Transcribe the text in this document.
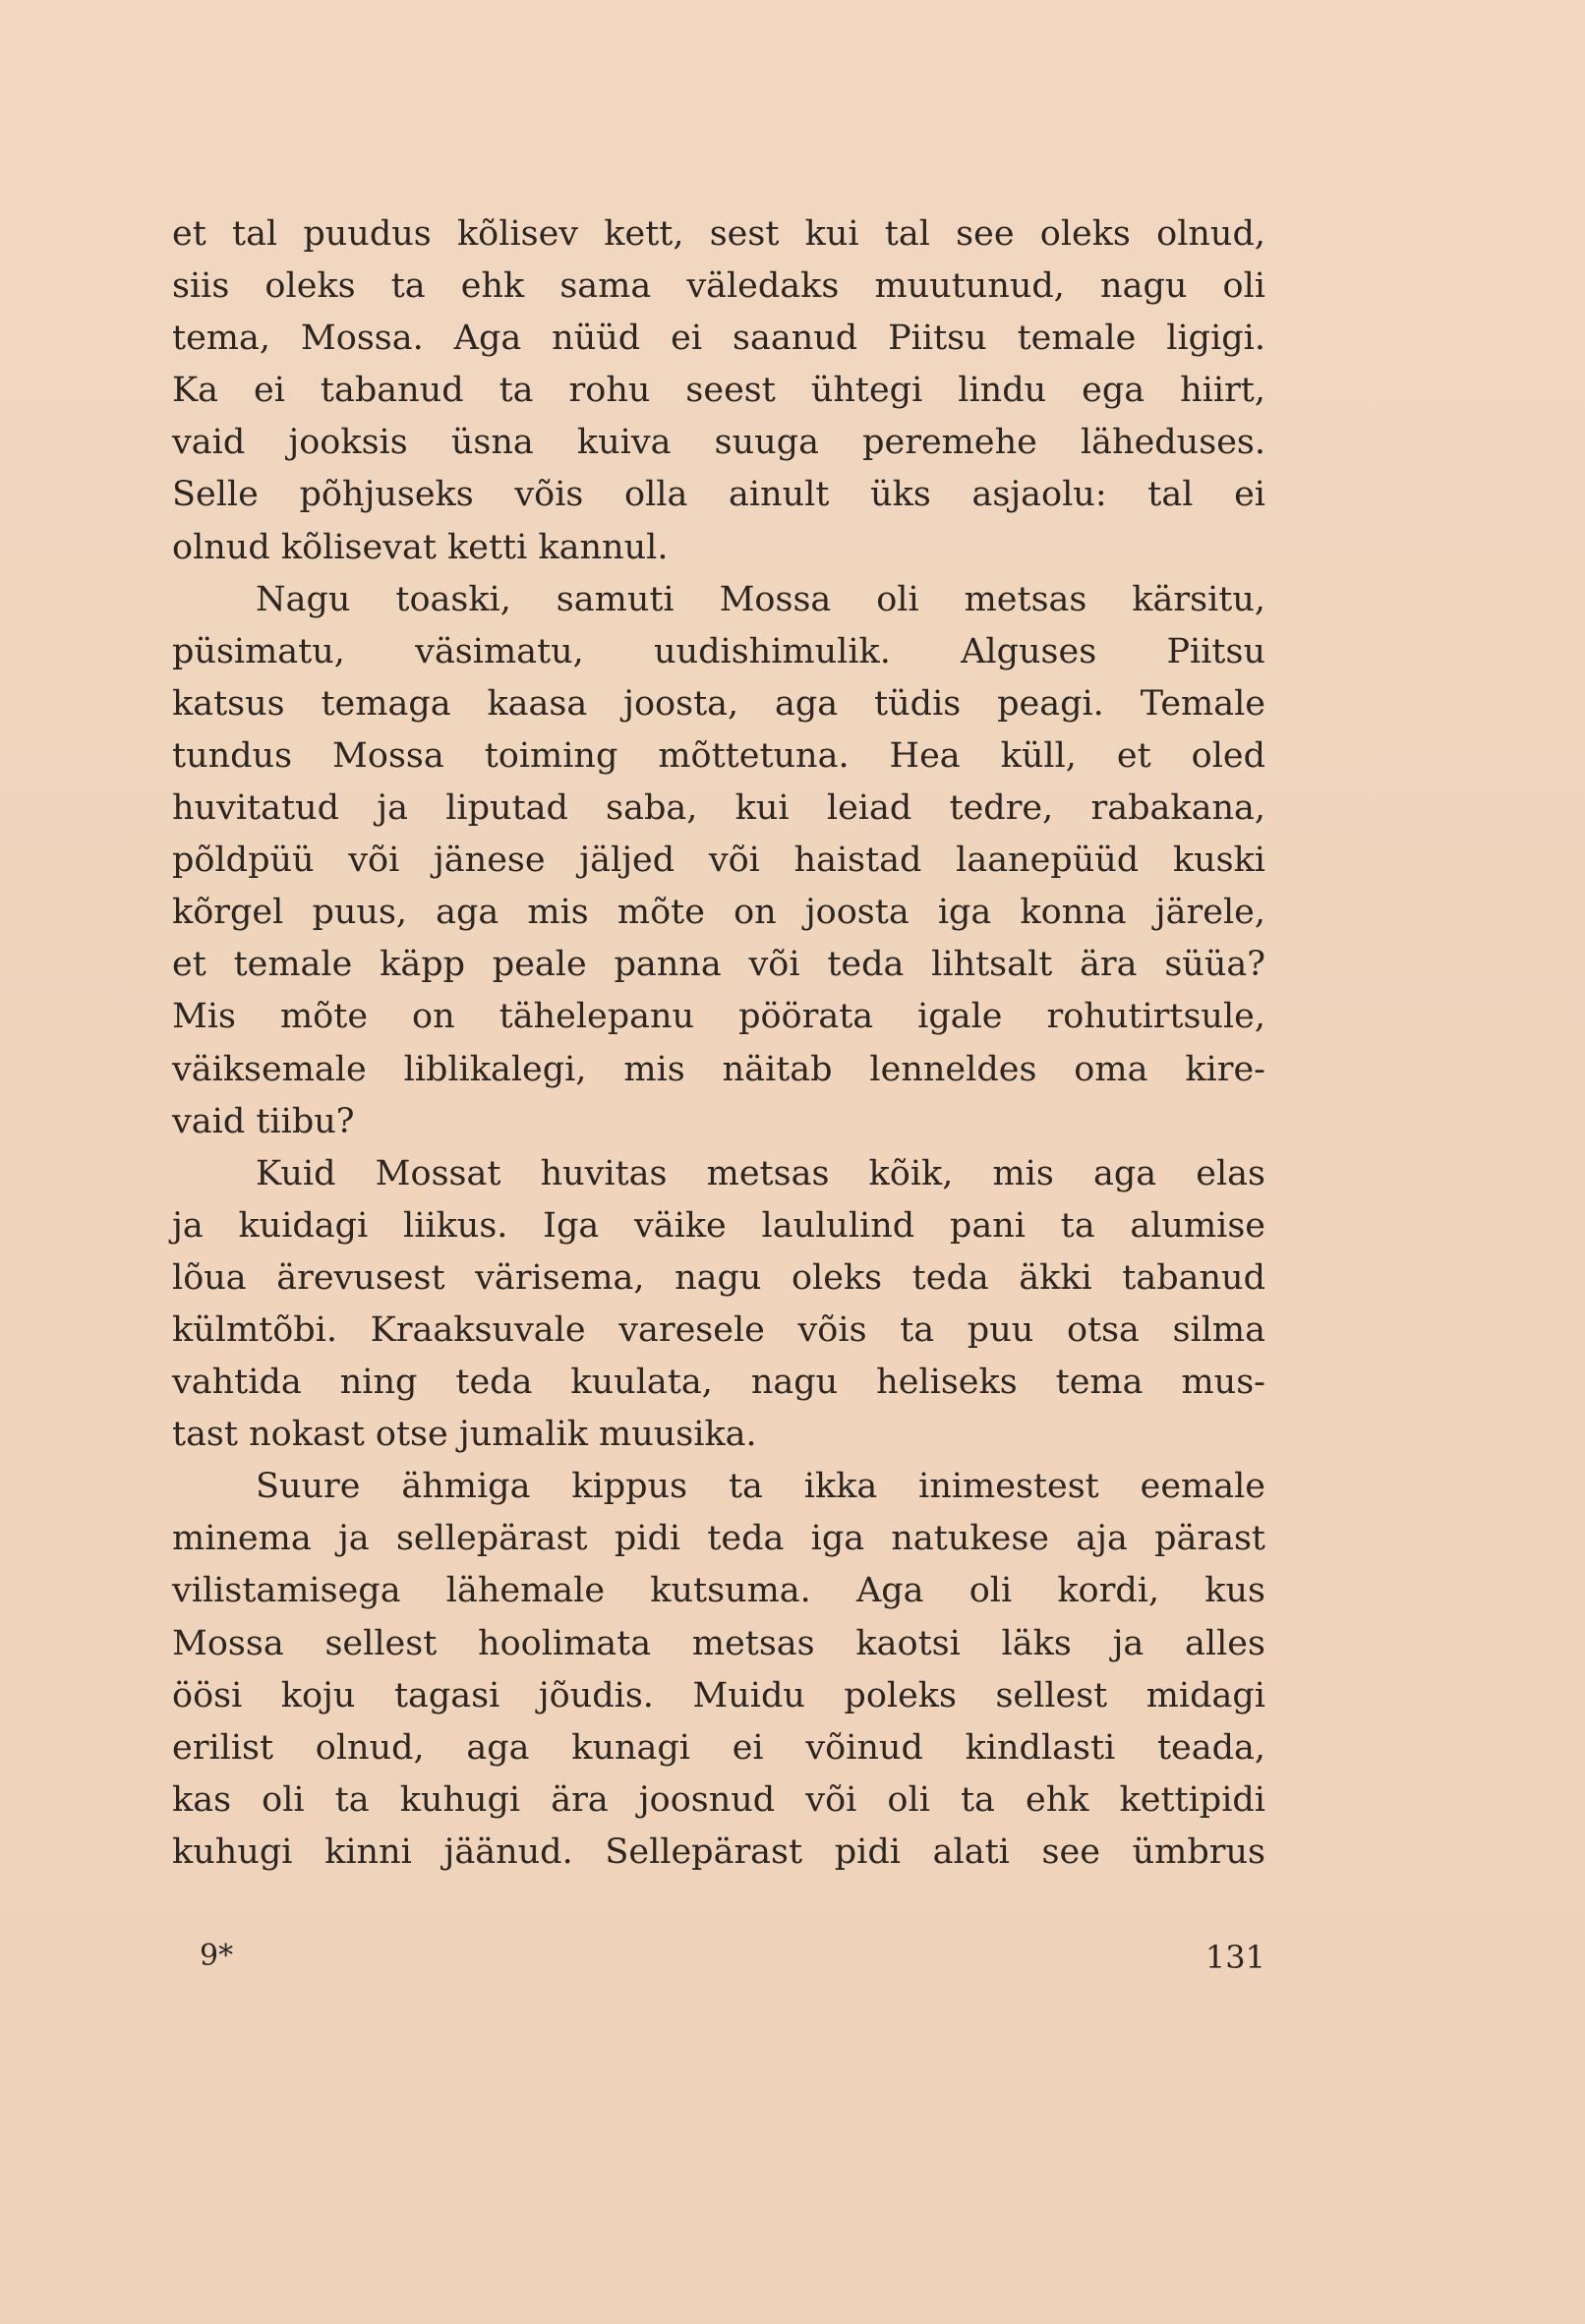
et tal puudus kõlisev kett, sest kui tal see oleks olnud,
siis oleks ta ehk sama väledaks muutunud, nagu oli
tema, Mossa. Aga nüüd ei saanud Piitsu temale ligigi.
Ka ei tabanud ta rohu seest ühtegi lindu ega hiirt,
vaid jooksis üsna kuiva suuga peremehe läheduses.
Selle põhjuseks võis olla ainult üks asjaolu: tal ei
olnud kõlisevat ketti kannul.
Nagu toaski, samuti Mossa oli metsas kärsitu,
püsimatu, väsimatu, uudishimulik. Alguses Piitsu
katsus temaga kaasa joosta, aga tüdis peagi. Temale
tundus Mossa toiming mõttetuna. Hea küll, et oled
huvitatud ja liputad saba, kui leiad tedre, rabakana,
põldpüü või jänese jäljed või haistad laanepüüd kuski
kõrgel puus, aga mis mõte on joosta iga konna järele,
et temale käpp peale panna või teda lihtsalt ära süüa?
Mis mõte on tähelepanu pöörata igale rohutirtsule,
väiksemale liblikalegi, mis näitab lenneldes oma kire-
vaid tiibu?
Kuid Mossat huvitas metsas kõik, mis aga elas
ja kuidagi liikus. Iga väike laululind pani ta alumise
lõua ärevusest värisema, nagu oleks teda äkki tabanud
külmtõbi. Kraaksuvale varesele võis ta puu otsa silma
vahtida ning teda kuulata, nagu heliseks tema mus-
tast nokast otse jumalik muusika.
Suure ähmiga kippus ta ikka inimestest eemale
minema ja sellepärast pidi teda iga natukese aja pärast
vilistamisega lähemale kutsuma. Aga oli kordi, kus
Mossa sellest hoolimata metsas kaotsi läks ja alles
öösi koju tagasi jõudis. Muidu poleks sellest midagi
erilist olnud, aga kunagi ei võinud kindlasti teada,
kas oli ta kuhugi ära joosnud või oli ta ehk kettipidi
kuhugi kinni jäänud. Sellepärast pidi alati see ümbrus
9*	131
